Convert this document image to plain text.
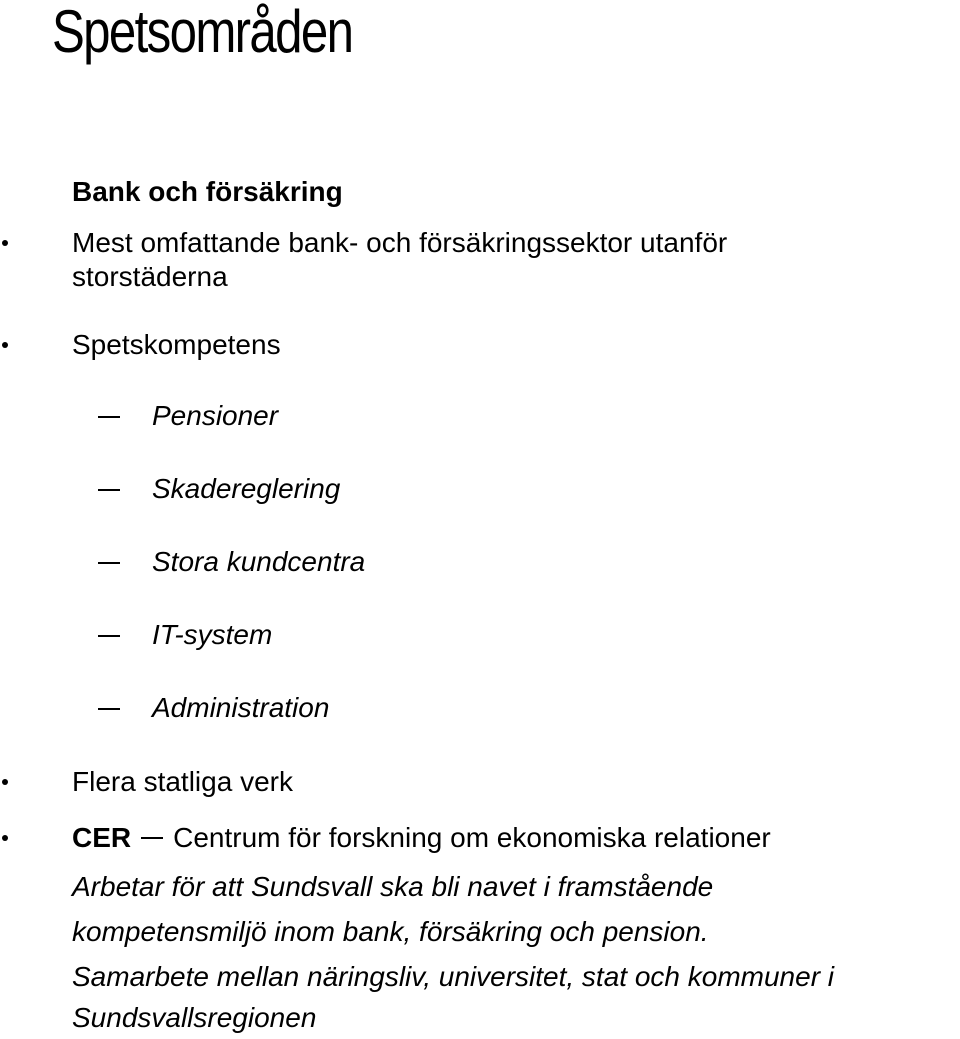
Spetsområden
Bank och försäkring
Mest omfattande bank- och försäkringssektor utanför
storstäderna
Spetskompetens
Pensioner
Skadereglering
Stora kundcentra
IT-system
Administration
Flera statliga verk
CER Centrum för forskning om ekonomiska relationer
Arbetar för att Sundsvall ska bli navet i framstående
kompetensmiljö inom bank, försäkring och pension.
Samarbete mellan näringsliv, universitet, stat och kommuner i
Sundsvallsregionen
